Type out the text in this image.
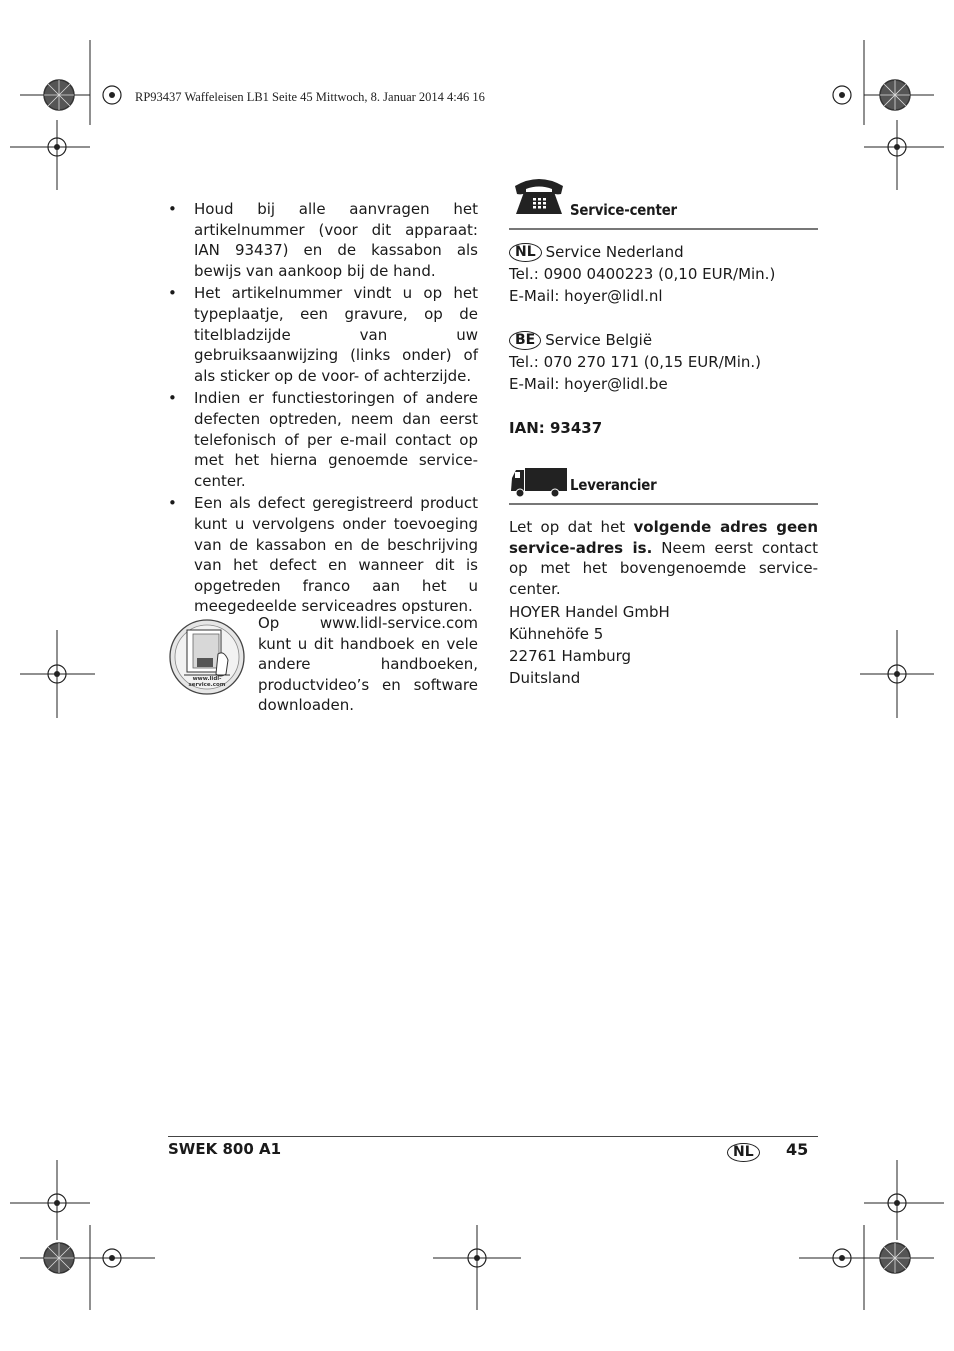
RP93437 Waffeleisen LB1 Seite 45 Mittwoch, 8. Januar 2014 4:46 16
• Houd bij alle aanvragen het artikelnummer (voor dit apparaat: IAN 93437) en de kassabon als bewijs van aankoop bij de hand.
• Het artikelnummer vindt u op het typeplaatje, een gravure, op de titelbladzijde van uw gebruiksaanwijzing (links onder) of als sticker op de voor- of achterzijde.
• Indien er functiestoringen of andere defecten optreden, neem dan eerst telefonisch of per e-mail contact op met het hierna genoemde service-center.
• Een als defect geregistreerd product kunt u vervolgens onder toevoeging van de kassabon en de beschrijving van het defect en wanneer dit is opgetreden franco aan het u meegedeelde serviceadres opsturen.
www.lidl-service.com
Op www.lidl-service.com kunt u dit handboek en vele andere handboeken, productvideo’s en software downloaden.
Service-center
NL Service Nederland
Tel.: 0900 0400223 (0,10 EUR/Min.)
E-Mail: hoyer@lidl.nl
BE Service België
Tel.: 070 270 171 (0,15 EUR/Min.)
E-Mail: hoyer@lidl.be
IAN: 93437
Leverancier
Let op dat het volgende adres geen service-adres is. Neem eerst contact op met het bovengenoemde service-center.
HOYER Handel GmbH
Kühnehöfe 5
22761 Hamburg
Duitsland
SWEK 800 A1	NL	45
